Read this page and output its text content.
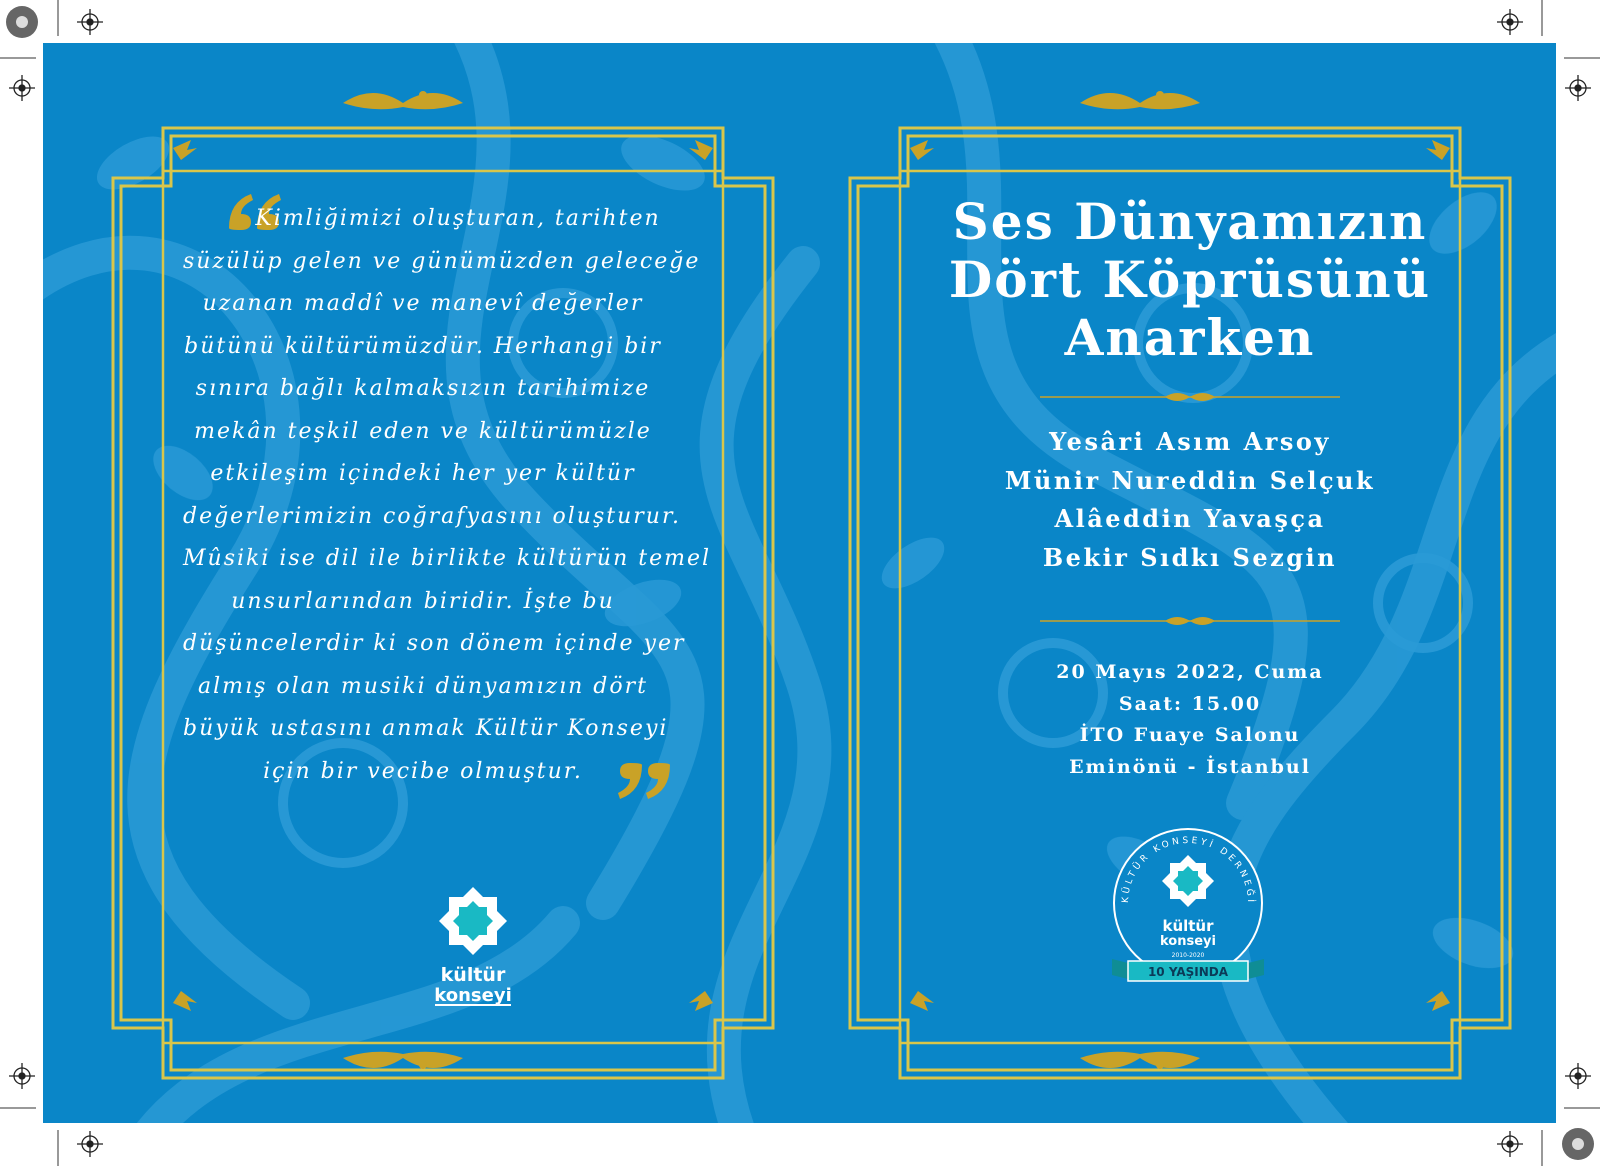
Kimliğimizi oluşturan, tarihten
süzülüp gelen ve günümüzden geleceğe
uzanan maddî ve manevî değerler
bütünü kültürümüzdür. Herhangi bir
sınıra bağlı kalmaksızın tarihimize
mekân teşkil eden ve kültürümüzle
etkileşim içindeki her yer kültür
değerlerimizin coğrafyasını oluşturur.
Mûsiki ise dil ile birlikte kültürün temel
unsurlarından biridir. İşte bu
düşüncelerdir ki son dönem içinde yer
almış olan musiki dünyamızın dört
büyük ustasını anmak Kültür Konseyi
için bir vecibe olmuştur.
kültür
konseyi
Ses Dünyamızın
Dört Köprüsünü
Anarken
Yesâri Asım Arsoy
Münir Nureddin Selçuk
Alâeddin Yavaşça
Bekir Sıdkı Sezgin
20 Mayıs 2022, Cuma
Saat: 15.00
İTO Fuaye Salonu
Eminönü - İstanbul
KÜLTÜR KONSEYİ DERNEĞİ
kültür
konseyi
2010-2020
10 YAŞINDA
